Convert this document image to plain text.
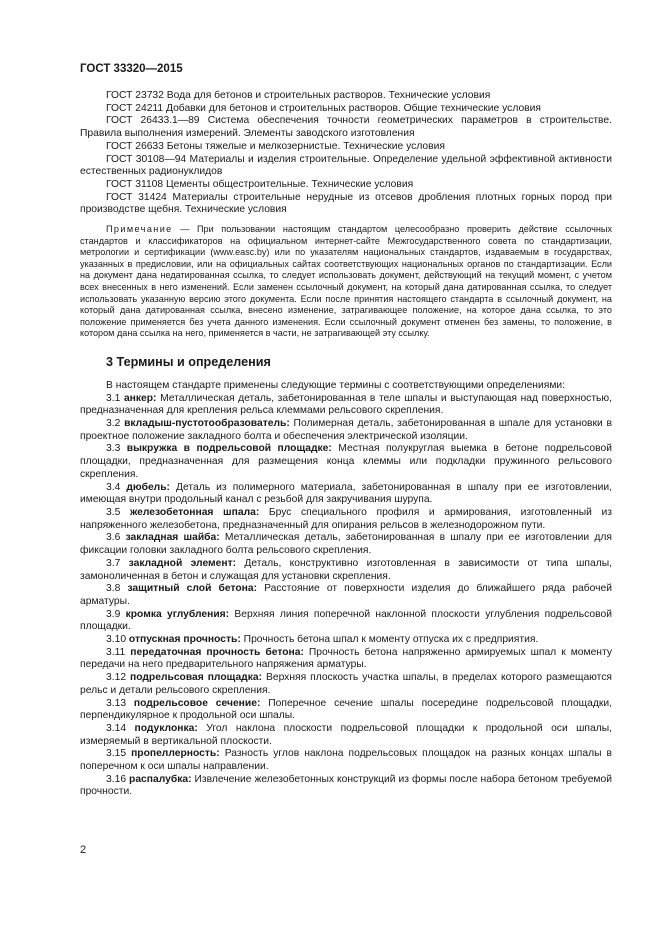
ГОСТ 33320—2015

ГОСТ 23732 Вода для бетонов и строительных растворов. Технические условия

ГОСТ 24211 Добавки для бетонов и строительных растворов. Общие технические условия

ГОСТ 26433.1—89 Система обеспечения точности геометрических параметров в строительстве. Правила выполнения измерений. Элементы заводского изготовления

ГОСТ 26633 Бетоны тяжелые и мелкозернистые. Технические условия

ГОСТ 30108—94 Материалы и изделия строительные. Определение удельной эффективной активности естественных радионуклидов

ГОСТ 31108 Цементы общестроительные. Технические условия

ГОСТ 31424 Материалы строительные нерудные из отсевов дробления плотных горных пород при производстве щебня. Технические условия

Примечание — При пользовании настоящим стандартом целесообразно проверить действие ссылочных стандартов и классификаторов на официальном интернет-сайте Межгосударственного совета по стандартизации, метрологии и сертификации (www.easc.by) или по указателям национальных стандартов, издаваемым в государствах, указанных в предисловии, или на официальных сайтах соответствующих национальных органов по стандартизации. Если на документ дана недатированная ссылка, то следует использовать документ, действующий на текущий момент, с учетом всех внесенных в него изменений. Если заменен ссылочный документ, на который дана датированная ссылка, то следует использовать указанную версию этого документа. Если после принятия настоящего стандарта в ссылочный документ, на который дана датированная ссылка, внесено изменение, затрагивающее положение, на которое дана ссылка, то это положение применяется без учета данного изменения. Если ссылочный документ отменен без замены, то положение, в котором дана ссылка на него, применяется в части, не затрагивающей эту ссылку.

3 Термины и определения

В настоящем стандарте применены следующие термины с соответствующими определениями:

3.1 анкер: Металлическая деталь, забетонированная в теле шпалы и выступающая над поверхностью, предназначенная для крепления рельса клеммами рельсового скрепления.

3.2 вкладыш-пустотообразователь: Полимерная деталь, забетонированная в шпале для установки в проектное положение закладного болта и обеспечения электрической изоляции.

3.3 выкружка в подрельсовой площадке: Местная полукруглая выемка в бетоне подрельсовой площадки, предназначенная для размещения конца клеммы или подкладки пружинного рельсового скрепления.

3.4 дюбель: Деталь из полимерного материала, забетонированная в шпалу при ее изготовлении, имеющая внутри продольный канал с резьбой для закручивания шурупа.

3.5 железобетонная шпала: Брус специального профиля и армирования, изготовленный из напряженного железобетона, предназначенный для опирания рельсов в железнодорожном пути.

3.6 закладная шайба: Металлическая деталь, забетонированная в шпалу при ее изготовлении для фиксации головки закладного болта рельсового скрепления.

3.7 закладной элемент: Деталь, конструктивно изготовленная в зависимости от типа шпалы, замоноличенная в бетон и служащая для установки скрепления.

3.8 защитный слой бетона: Расстояние от поверхности изделия до ближайшего ряда рабочей арматуры.

3.9 кромка углубления: Верхняя линия поперечной наклонной плоскости углубления подрельсовой площадки.

3.10 отпускная прочность: Прочность бетона шпал к моменту отпуска их с предприятия.

3.11 передаточная прочность бетона: Прочность бетона напряженно армируемых шпал к моменту передачи на него предварительного напряжения арматуры.

3.12 подрельсовая площадка: Верхняя плоскость участка шпалы, в пределах которого размещаются рельс и детали рельсового скрепления.

3.13 подрельсовое сечение: Поперечное сечение шпалы посередине подрельсовой площадки, перпендикулярное к продольной оси шпалы.

3.14 подуклонка: Угол наклона плоскости подрельсовой площадки к продольной оси шпалы, измеряемый в вертикальной плоскости.

3.15 пропеллерность: Разность углов наклона подрельсовых площадок на разных концах шпалы в поперечном к оси шпалы направлении.

3.16 распалубка: Извлечение железобетонных конструкций из формы после набора бетоном требуемой прочности.

2
